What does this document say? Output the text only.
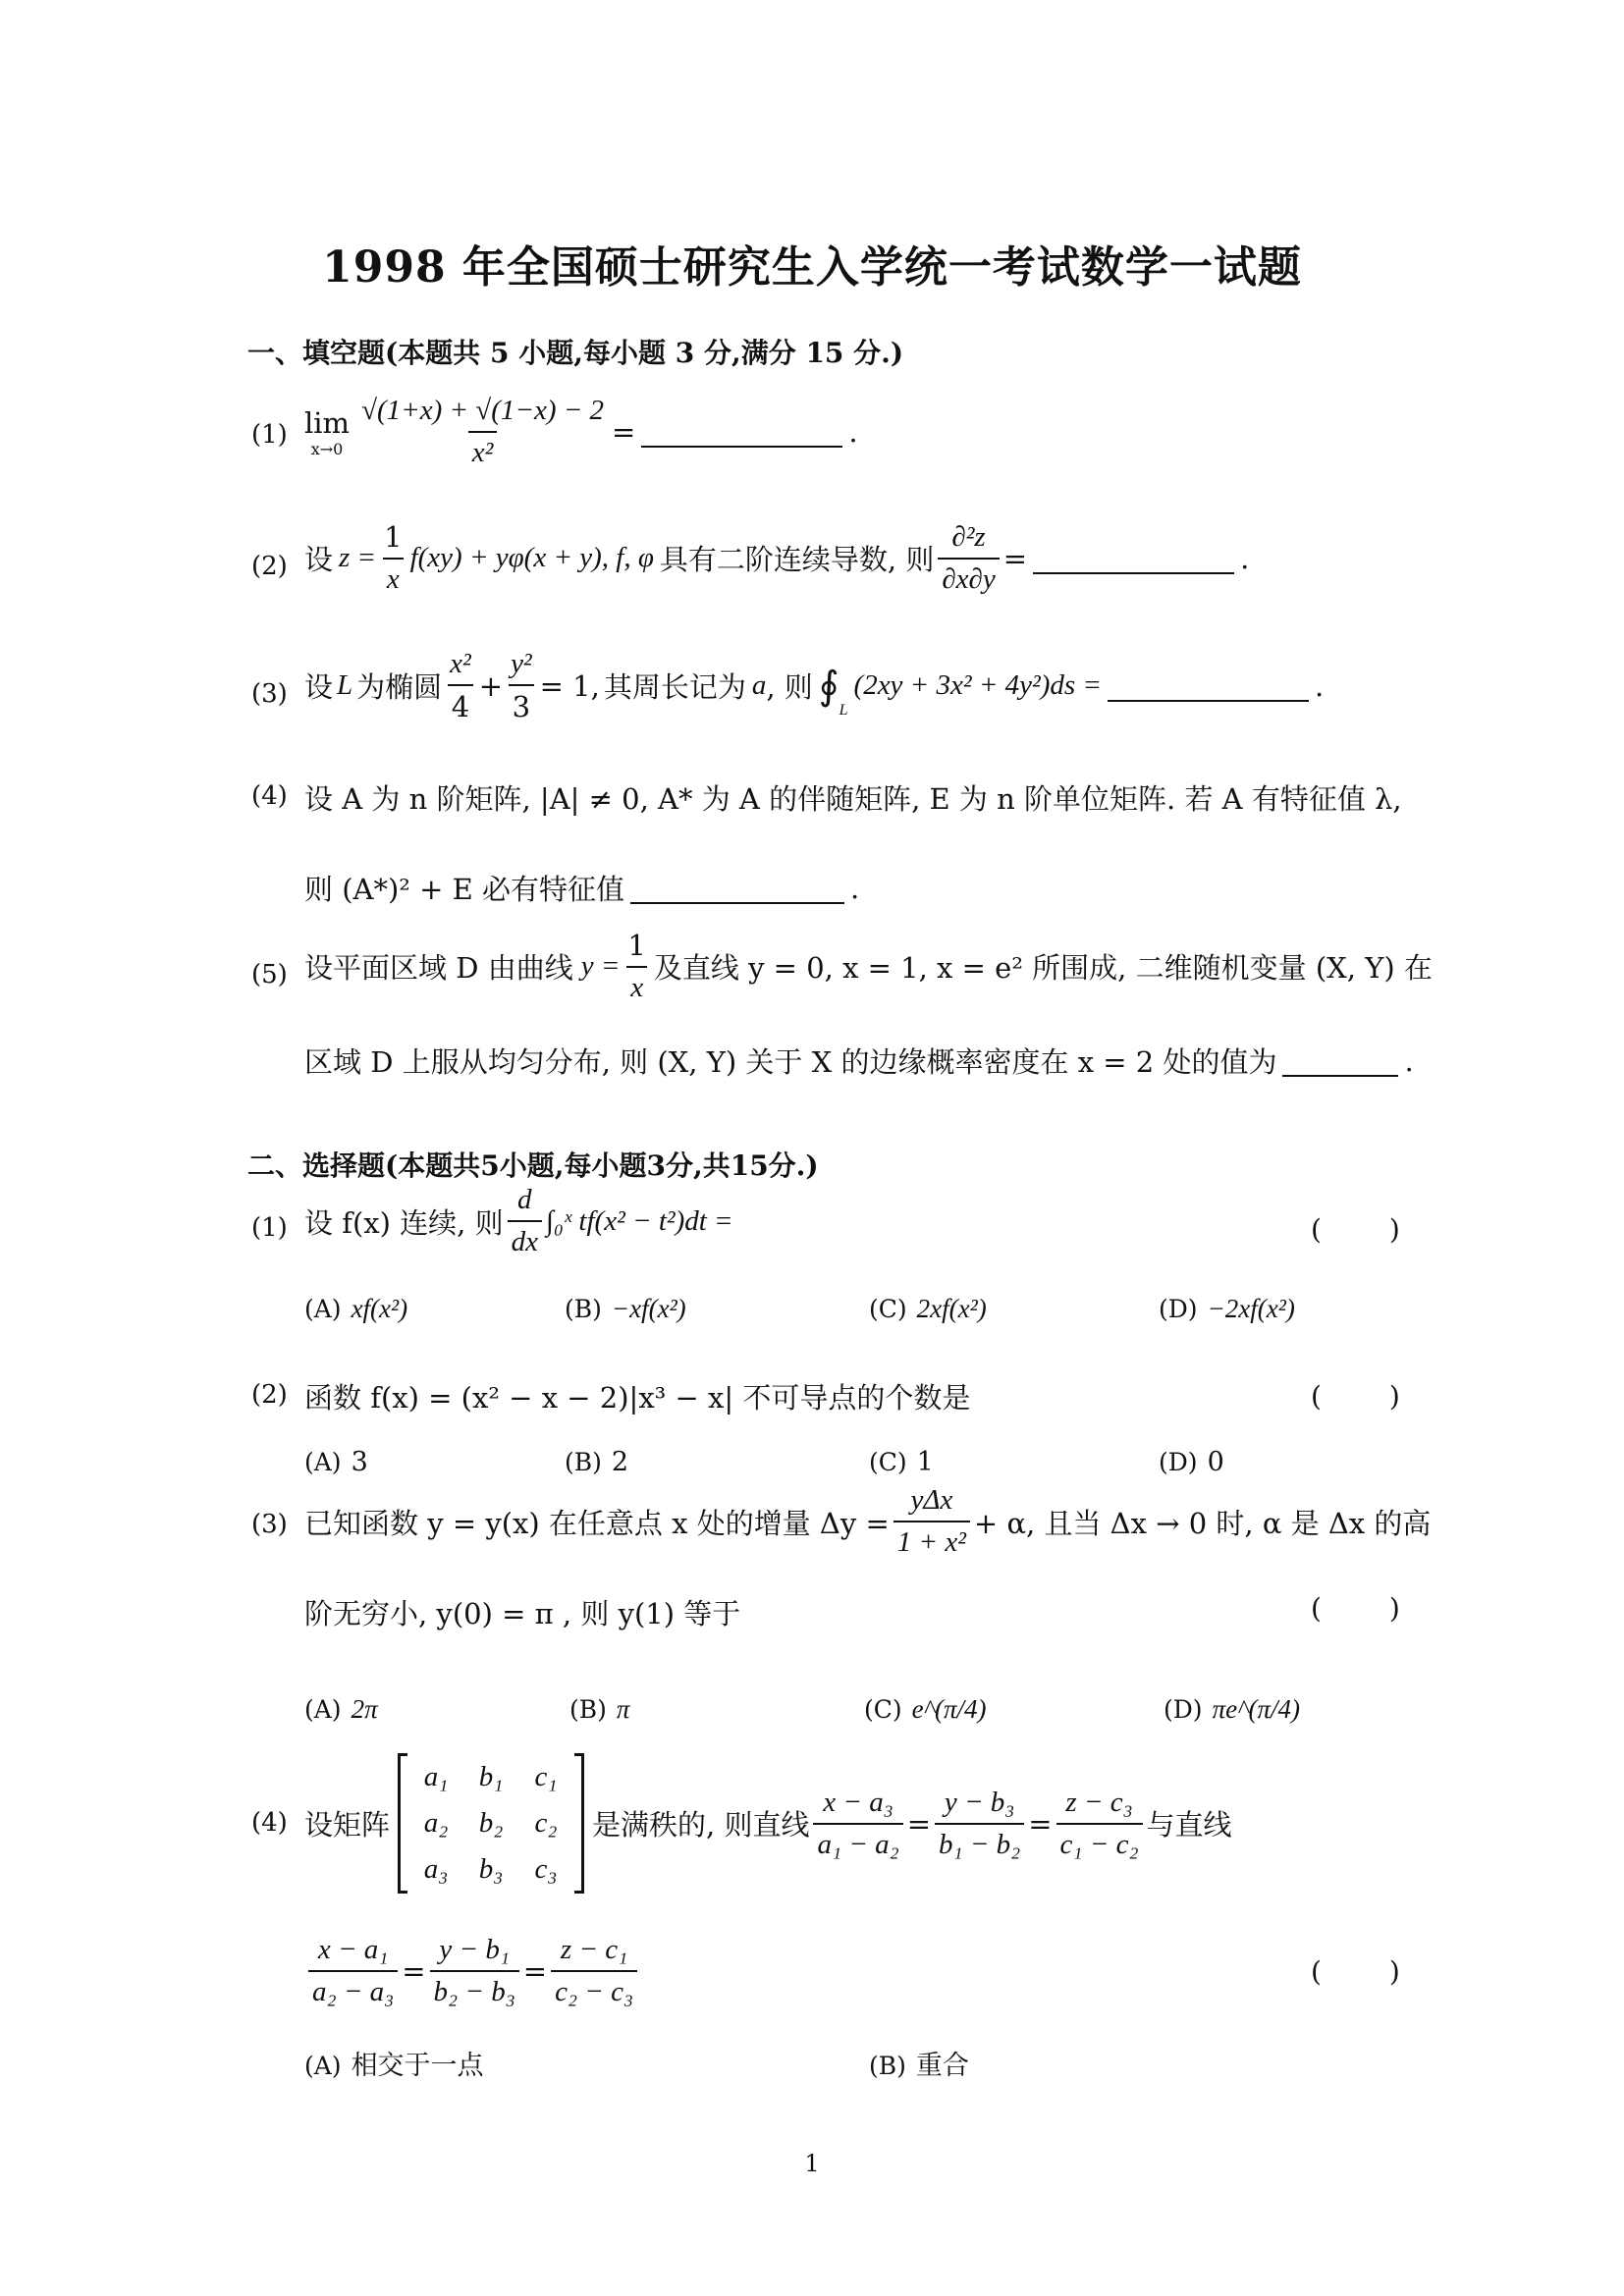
1998 年全国硕士研究生入学统一考试数学一试题
一、填空题(本题共 5 小题,每小题 3 分,满分 15 分.)
(1) lim
$x\to 0 \frac{√(1+x) + √(1-x) - 2}{\text{x²}}$ =	.
(2) 设 $z = \frac{1}{x} f(xy) + y\varphi(x + y)$, f, φ 具有二阶连续导数, 则 $\frac{\text{∂²z}}{\partial x\partial y}$ =	.
(3) 设 L 为椭圆 $\frac{\text{x²}}{4} + \frac{\text{y²}}{3} = 1$, 其周长记为 a , 则 ∮
L
(2xy + 3x² + 4y²)ds =	.
(4) 设 A 为 n 阶矩阵, |A| ≠ 0, A* 为 A 的伴随矩阵, E 为 n 阶单位矩阵. 若 A 有特征值 λ,
则 (A*)² + E 必有特征值	.
(5) 设平面区域 D 由曲线 $y = \frac{1}{x}$ 及直线 y = 0, x = 1, x = e² 所围成, 二维随机变量 (X, Y) 在
区域 D 上服从均匀分布, 则 (X, Y) 关于 X 的边缘概率密度在 x = 2 处的值为	.
二、选择题(本题共5小题,每小题3分,共15分.)
(1) 设 f(x) 连续, 则 $\frac{d}{dx}$ ∫₀ˣ tf(x² − t²)dt =	( )
(A) xf(x²)	(B) −xf(x²)	(C) 2xf(x²)	(D) −2xf(x²)
(2) 函数 f(x) = (x² − x − 2)|x³ − x| 不可导点的个数是	( )
(A) 3	(B) 2	(C) 1	(D) 0
(3) 已知函数 y = y(x) 在任意点 x 处的增量 $\Delta y = \frac{\text{yΔx}}{\text{1 + x²}} + \alpha$, 且当 Δx → 0 时, α 是 Δx 的高
阶无穷小, y(0) = π , 则 y(1) 等于	( )
(A) 2π	(B) π	(C) e^(π/4)	(D) πe^(π/4)
(4) 设矩阵
a₁	b₁	c₁
a₂	b₂	c₂
a₃	b₃	c₃
是满秩的, 则直线 $\frac{\text{x − a₃}}{\text{a₁ − a₂}} = \frac{\text{y − b₃}}{\text{b₁ − b₂}} = \frac{\text{z − c₃}}{\text{c₁ − c₂}}$ 与直线
$\frac{\text{x − a₁}}{\text{a₂ − a₃}} = \frac{\text{y − b₁}}{\text{b₂ − b₃}} = \frac{\text{z − c₁}}{\text{c₂ − c₃}}$	( )
(A) 相交于一点	(B) 重合
1
